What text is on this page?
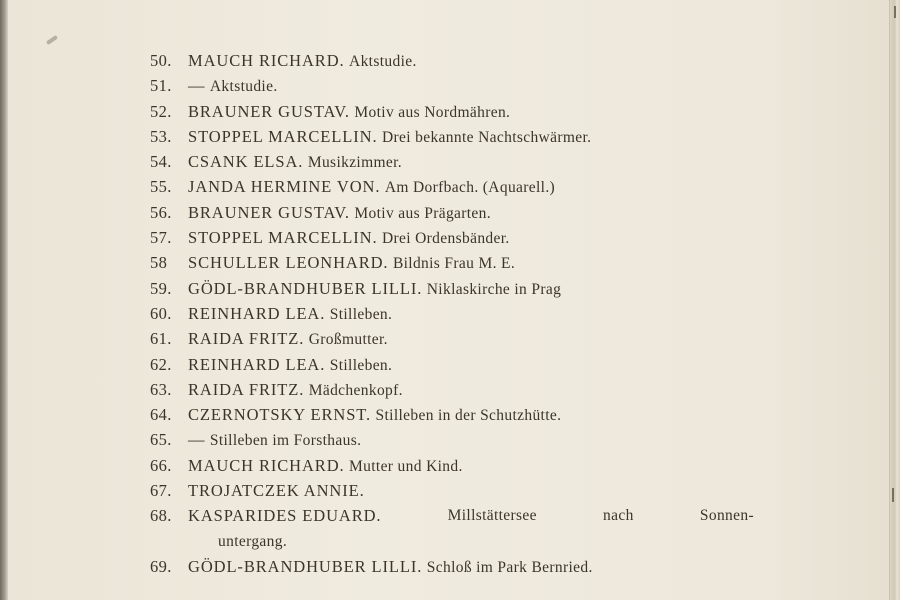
50. MAUCH RICHARD. Aktstudie.
51. — Aktstudie.
52. BRAUNER GUSTAV. Motiv aus Nordmähren.
53. STOPPEL MARCELLIN. Drei bekannte Nachtschwärmer.
54. CSANK ELSA. Musikzimmer.
55. JANDA HERMINE VON. Am Dorfbach. (Aquarell.)
56. BRAUNER GUSTAV. Motiv aus Prägarten.
57. STOPPEL MARCELLIN. Drei Ordensbänder.
58	SCHULLER LEONHARD. Bildnis Frau M. E.
59. GÖDL-BRANDHUBER LILLI. Niklaskirche in Prag
60. REINHARD LEA. Stilleben.
61. RAIDA FRITZ. Großmutter.
62. REINHARD LEA. Stilleben.
63. RAIDA FRITZ. Mädchenkopf.
64. CZERNOTSKY ERNST. Stilleben in der Schutzhütte.
65. — Stilleben im Forsthaus.
66. MAUCH RICHARD. Mutter und Kind.
67. TROJATCZEK ANNIE.
68. KASPARIDES EDUARD.	Millstättersee	nach	Sonnen-
untergang.
69. GÖDL-BRANDHUBER LILLI. Schloß im Park Bernried.
